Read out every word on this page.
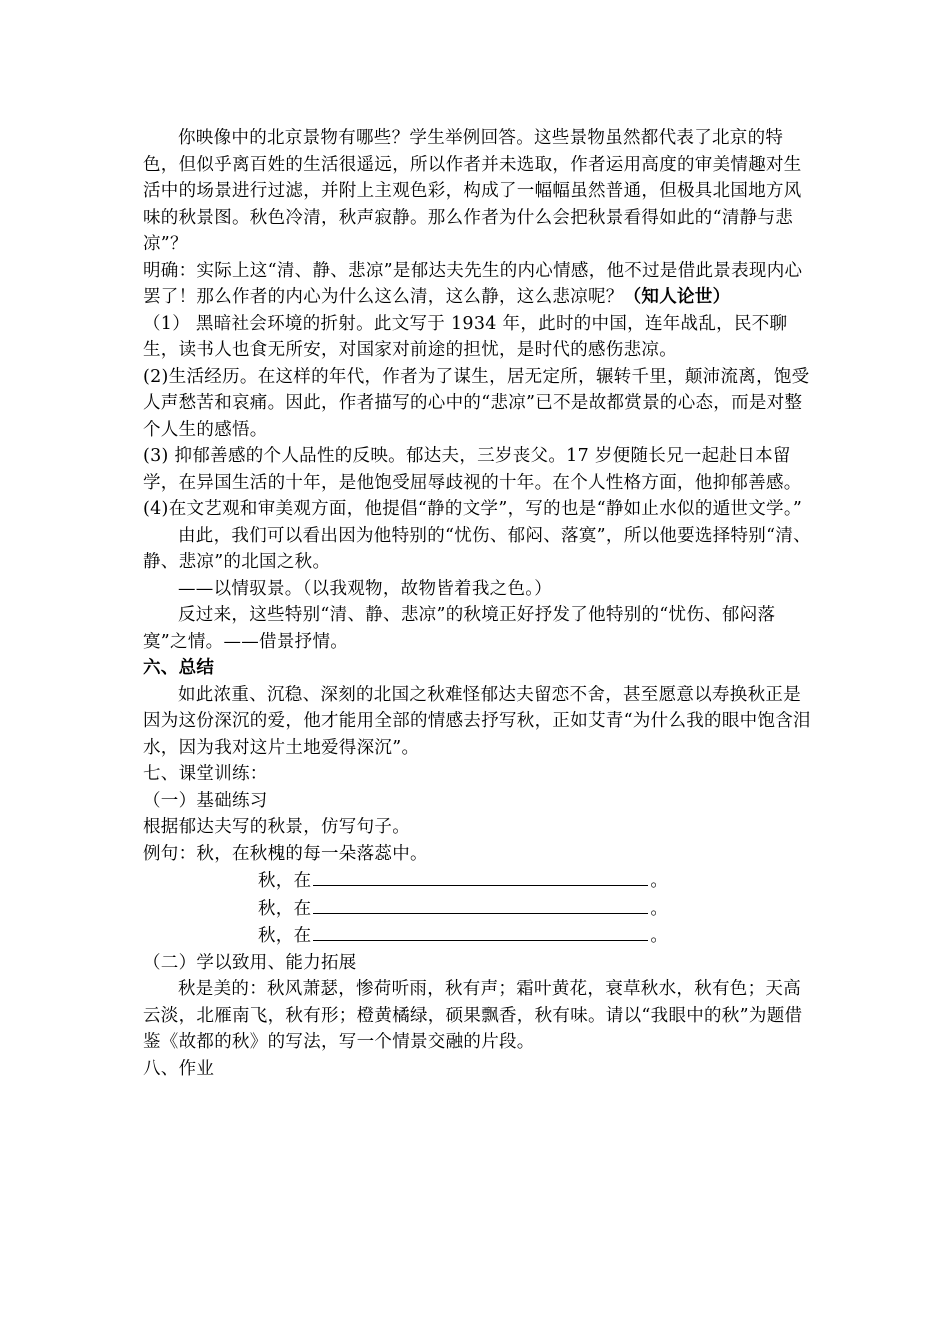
你映像中的北京景物有哪些？学生举例回答。这些景物虽然都代表了北京的特色，但似乎离百姓的生活很遥远，所以作者并未选取，作者运用高度的审美情趣对生活中的场景进行过滤，并附上主观色彩，构成了一幅幅虽然普通，但极具北国地方风味的秋景图。秋色冷清，秋声寂静。那么作者为什么会把秋景看得如此的“清静与悲凉”？

明确：实际上这“清、静、悲凉”是郁达夫先生的内心情感，他不过是借此景表现内心罢了！那么作者的内心为什么这么清，这么静，这么悲凉呢？（知人论世）

（1） 黑暗社会环境的折射。此文写于 1934 年，此时的中国，连年战乱，民不聊生，读书人也食无所安，对国家对前途的担忧，是时代的感伤悲凉。

(2)生活经历。在这样的年代，作者为了谋生，居无定所，辗转千里，颠沛流离，饱受人声愁苦和哀痛。因此，作者描写的心中的“悲凉”已不是故都赏景的心态，而是对整个人生的感悟。

(3) 抑郁善感的个人品性的反映。郁达夫，三岁丧父。17 岁便随长兄一起赴日本留学，在异国生活的十年，是他饱受屈辱歧视的十年。在个人性格方面，他抑郁善感。

(4)在文艺观和审美观方面，他提倡“静的文学”，写的也是“静如止水似的遁世文学。”

由此，我们可以看出因为他特别的“忧伤、郁闷、落寞”，所以他要选择特别“清、静、悲凉”的北国之秋。

——以情驭景。（以我观物，故物皆着我之色。）

反过来，这些特别“清、静、悲凉”的秋境正好抒发了他特别的“忧伤、郁闷落寞”之情。——借景抒情。

六、总结

如此浓重、沉稳、深刻的北国之秋难怪郁达夫留恋不舍，甚至愿意以寿换秋正是因为这份深沉的爱，他才能用全部的情感去抒写秋，正如艾青“为什么我的眼中饱含泪水，因为我对这片土地爱得深沉”。

七、课堂训练：

（一）基础练习

根据郁达夫写的秋景，仿写句子。

例句：秋，在秋槐的每一朵落蕊中。

秋，在	。
秋，在	。
秋，在	。

（二）学以致用、能力拓展

秋是美的：秋风萧瑟，惨荷听雨，秋有声；霜叶黄花，衰草秋水，秋有色；天高云淡，北雁南飞，秋有形；橙黄橘绿，硕果飘香，秋有味。请以“我眼中的秋”为题借鉴《故都的秋》的写法，写一个情景交融的片段。

八、作业
